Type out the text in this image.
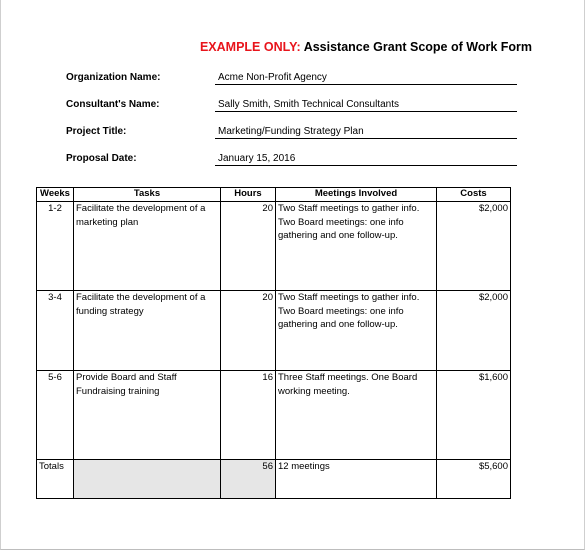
EXAMPLE ONLY: Assistance Grant Scope of Work Form
Organization Name:	Acme Non-Profit Agency
Consultant's Name:	Sally Smith, Smith Technical Consultants
Project Title:	Marketing/Funding Strategy Plan
Proposal Date:	January 15, 2016
Weeks	Tasks	Hours	Meetings Involved	Costs
1-2	Facilitate the development of a marketing plan	20	Two Staff meetings to gather info. Two Board meetings: one info gathering and one follow-up.	$2,000
3-4	Facilitate the development of a funding strategy	20	Two Staff meetings to gather info. Two Board meetings: one info gathering and one follow-up.	$2,000
5-6	Provide Board and Staff Fundraising training	16	Three Staff meetings. One Board working meeting.	$1,600
Totals		56	12 meetings	$5,600
